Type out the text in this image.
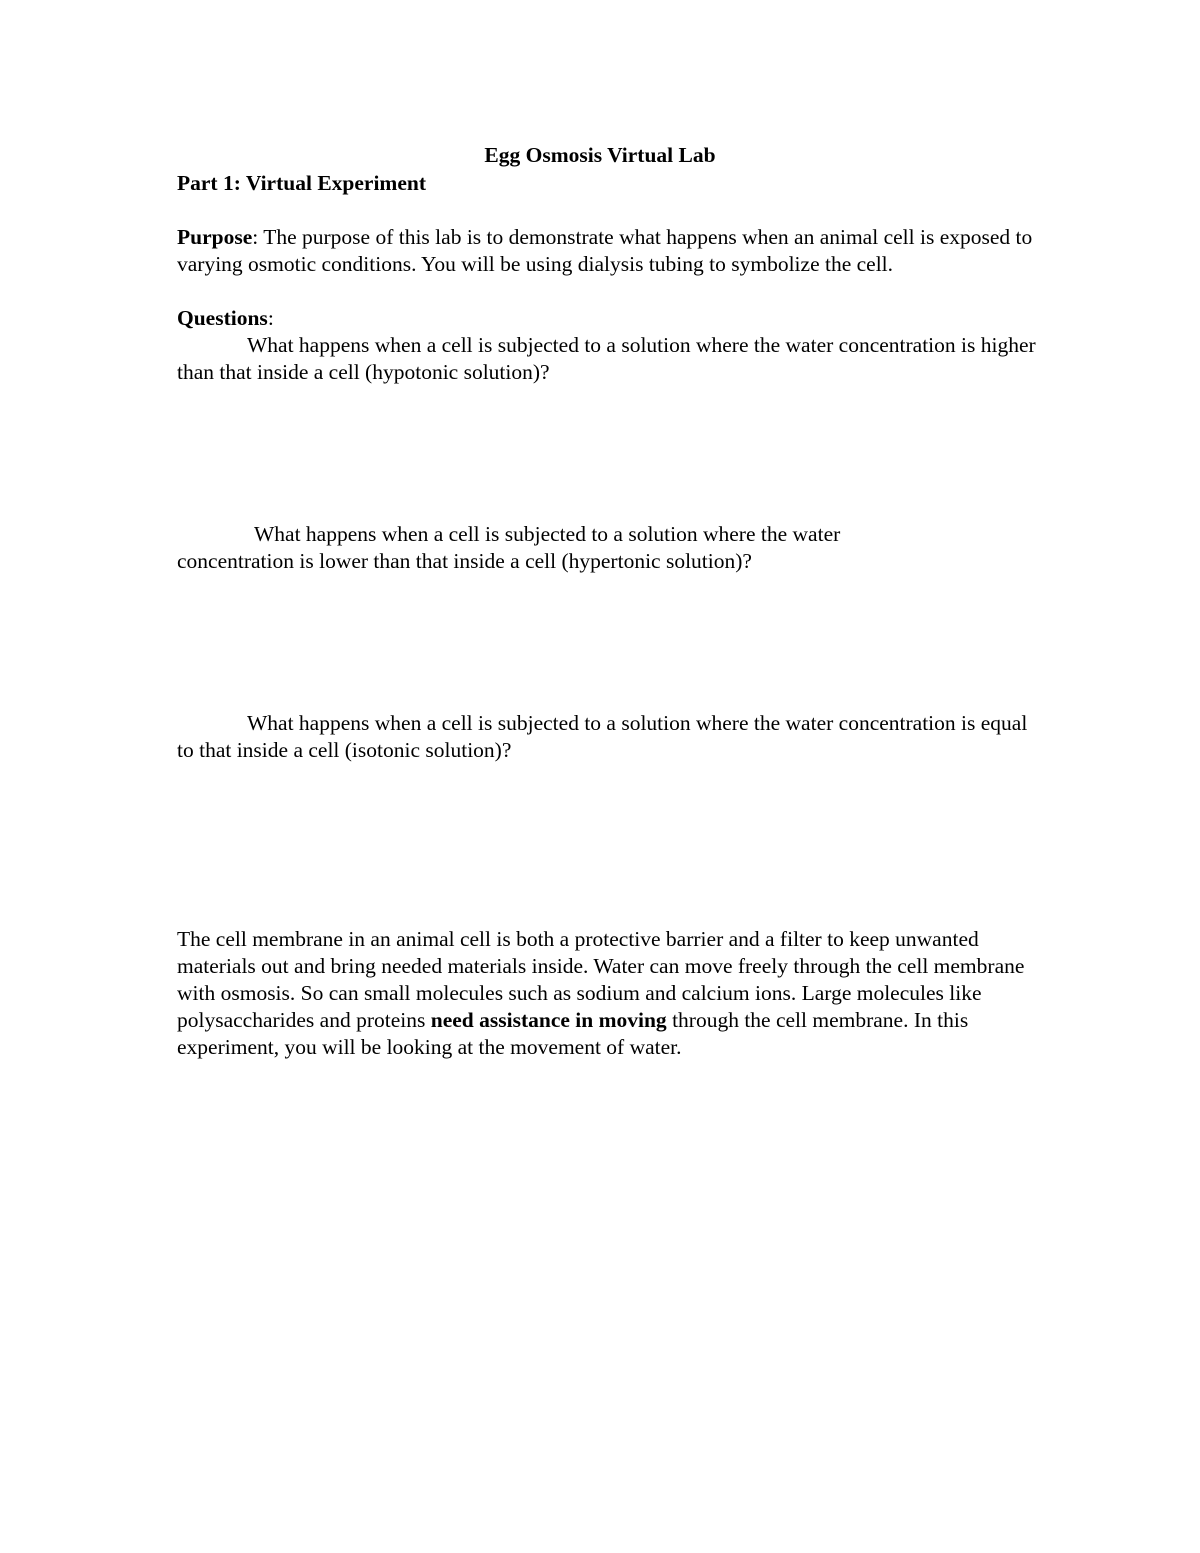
Egg Osmosis Virtual Lab

Part 1: Virtual Experiment

Purpose: The purpose of this lab is to demonstrate what happens when an animal cell is exposed to varying osmotic conditions. You will be using dialysis tubing to symbolize the cell.

Questions:

What happens when a cell is subjected to a solution where the water concentration is higher than that inside a cell (hypotonic solution)?

What happens when a cell is subjected to a solution where the water concentration is lower than that inside a cell (hypertonic solution)?

What happens when a cell is subjected to a solution where the water concentration is equal to that inside a cell (isotonic solution)?

The cell membrane in an animal cell is both a protective barrier and a filter to keep unwanted materials out and bring needed materials inside. Water can move freely through the cell membrane with osmosis. So can small molecules such as sodium and calcium ions. Large molecules like polysaccharides and proteins need assistance in moving through the cell membrane. In this experiment, you will be looking at the movement of water.
